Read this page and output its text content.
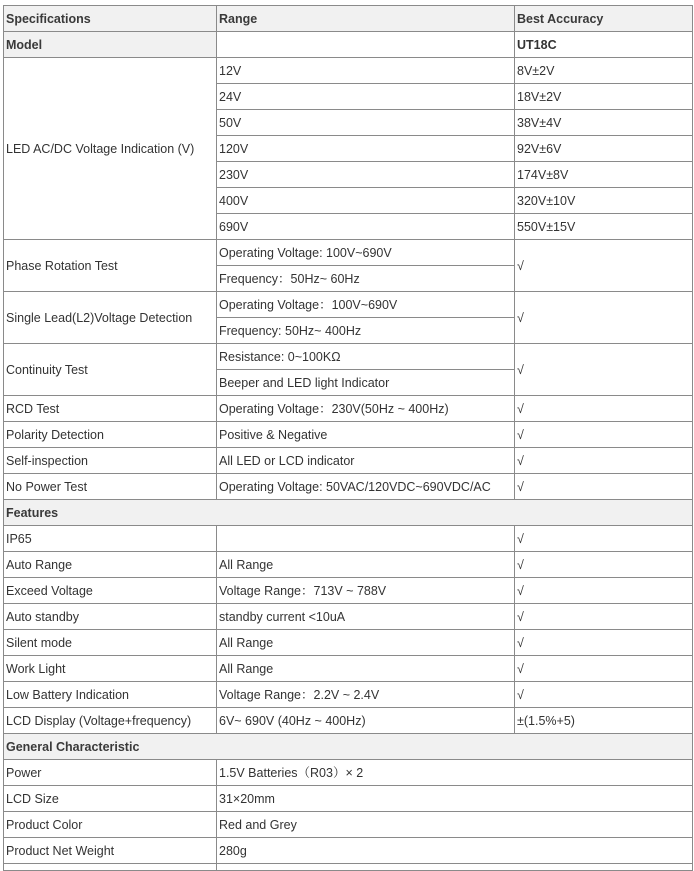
Specifications	Range	Best Accuracy
Model		UT18C
LED AC/DC Voltage Indication (V)	12V	8V±2V
	24V	18V±2V
	50V	38V±4V
	120V	92V±6V
	230V	174V±8V
	400V	320V±10V
	690V	550V±15V
Phase Rotation Test	Operating Voltage: 100V~690V	√
	Frequency：50Hz~ 60Hz	
Single Lead(L2)Voltage Detection	Operating Voltage：100V~690V	√
	Frequency: 50Hz~ 400Hz	
Continuity Test	Resistance: 0~100KΩ	√
	Beeper and LED light Indicator	
RCD Test	Operating Voltage：230V(50Hz ~ 400Hz)	√
Polarity Detection	Positive & Negative	√
Self-inspection	All LED or LCD indicator	√
No Power Test	Operating Voltage: 50VAC/120VDC~690VDC/AC	√
Features		
IP65		√
Auto Range	All Range	√
Exceed Voltage	Voltage Range：713V ~ 788V	√
Auto standby	standby current <10uA	√
Silent mode	All Range	√
Work Light	All Range	√
Low Battery Indication	Voltage Range：2.2V ~ 2.4V	√
LCD Display (Voltage+frequency)	6V~ 690V (40Hz ~ 400Hz)	±(1.5%+5)
General Characteristic		
Power	1.5V Batteries（R03）× 2	
LCD Size	31×20mm	
Product Color	Red and Grey	
Product Net Weight	280g	
